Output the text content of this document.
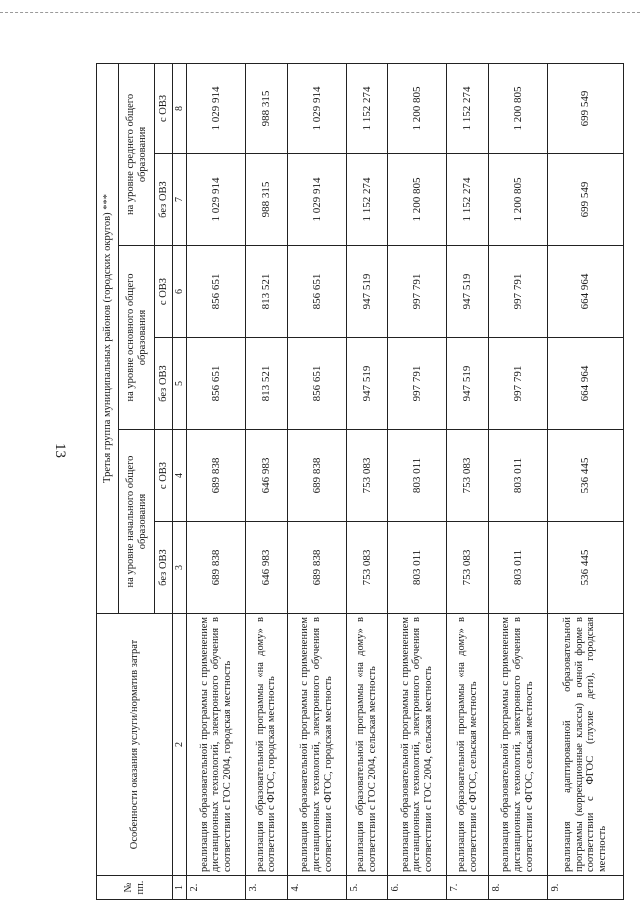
13
№ пп.	Особенности оказания услуги/норматив затрат	Третья группа муниципальных районов (городских округов) ***					
		на уровне начального общего образования		на уровне основного общего образования		на уровне среднего общего образования	
		без ОВЗ	с ОВЗ	без ОВЗ	с ОВЗ	без ОВЗ	с ОВЗ
1	2	3	4	5	6	7	8
2.	реализация образовательной программы с применением дистанционных технологий, электронного обучения в соответствии с ГОС 2004, городская местность	689 838	689 838	856 651	856 651	1 029 914	1 029 914
3.	реализация образовательной программы «на дому» в соответствии с ФГОС, городская местность	646 983	646 983	813 521	813 521	988 315	988 315
4.	реализация образовательной программы с применением дистанционных технологий, электронного обучения в соответствии с ФГОС, городская местность	689 838	689 838	856 651	856 651	1 029 914	1 029 914
5.	реализация образовательной программы «на дому» в соответствии с ГОС 2004, сельская местность	753 083	753 083	947 519	947 519	1 152 274	1 152 274
6.	реализация образовательной программы с применением дистанционных технологий, электронного обучения в соответствии с ГОС 2004, сельская местность	803 011	803 011	997 791	997 791	1 200 805	1 200 805
7.	реализация образовательной программы «на дому» в соответствии с ФГОС, сельская местность	753 083	753 083	947 519	947 519	1 152 274	1 152 274
8.	реализация образовательной программы с применением дистанционных технологий, электронного обучения в соответствии с ФГОС, сельская местность	803 011	803 011	997 791	997 791	1 200 805	1 200 805
9.	реализация адаптированной образовательной программы (коррекционные классы) в очной форме в соответствии с ФГОС (глухие дети), городская местность	536 445	536 445	664 964	664 964	699 549	699 549
